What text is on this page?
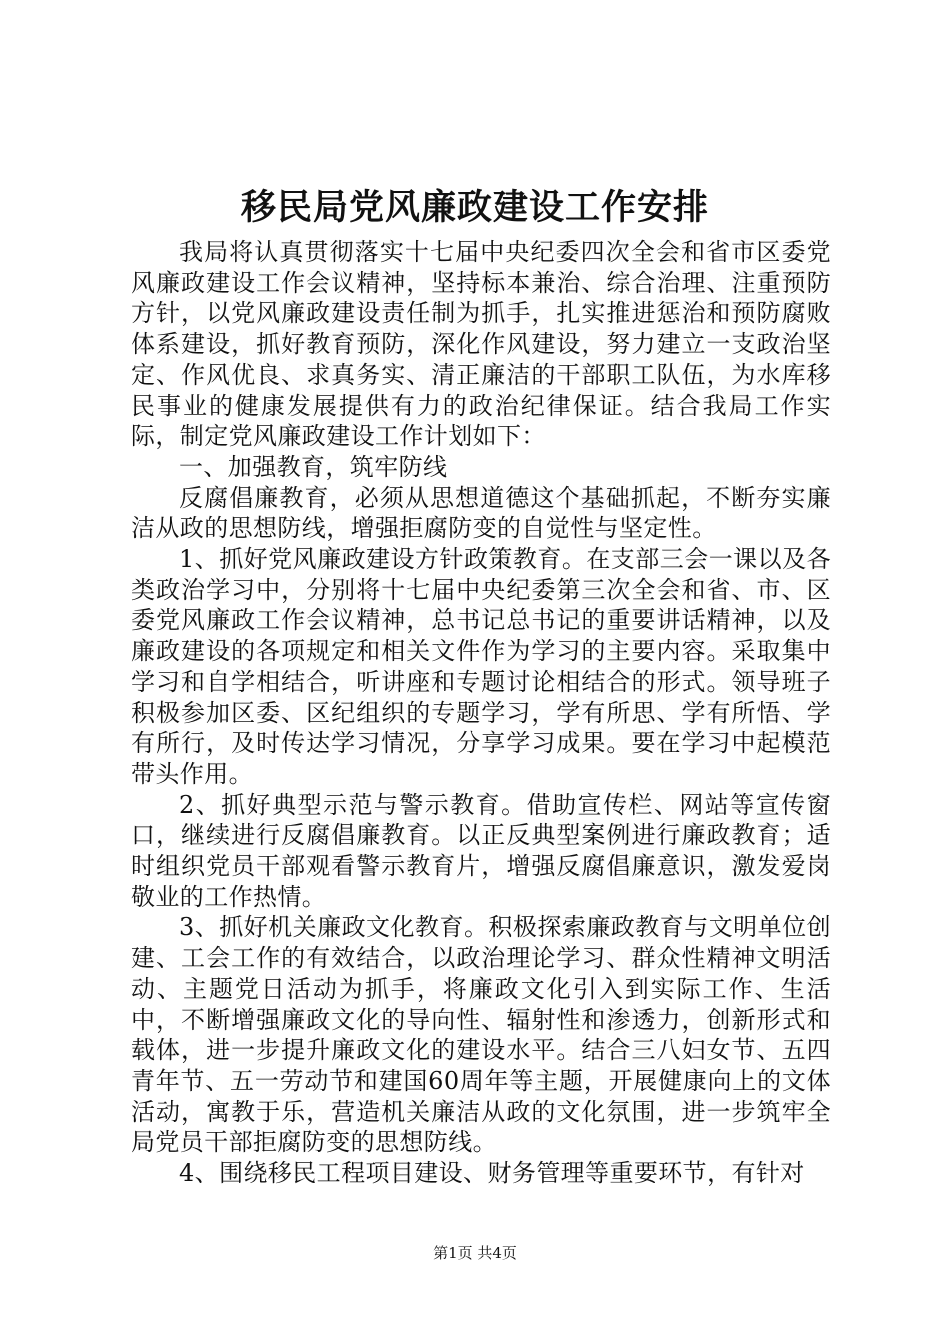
移民局党风廉政建设工作安排

我局将认真贯彻落实十七届中央纪委四次全会和省市区委党风廉政建设工作会议精神，坚持标本兼治、综合治理、注重预防方针，以党风廉政建设责任制为抓手，扎实推进惩治和预防腐败体系建设，抓好教育预防，深化作风建设，努力建立一支政治坚定、作风优良、求真务实、清正廉洁的干部职工队伍，为水库移民事业的健康发展提供有力的政治纪律保证。结合我局工作实际，制定党风廉政建设工作计划如下：

一、加强教育，筑牢防线

反腐倡廉教育，必须从思想道德这个基础抓起，不断夯实廉洁从政的思想防线，增强拒腐防变的自觉性与坚定性。

1、抓好党风廉政建设方针政策教育。在支部三会一课以及各类政治学习中，分别将十七届中央纪委第三次全会和省、市、区委党风廉政工作会议精神，总书记总书记的重要讲话精神，以及廉政建设的各项规定和相关文件作为学习的主要内容。采取集中学习和自学相结合，听讲座和专题讨论相结合的形式。领导班子积极参加区委、区纪组织的专题学习，学有所思、学有所悟、学有所行，及时传达学习情况，分享学习成果。要在学习中起模范带头作用。

2、抓好典型示范与警示教育。借助宣传栏、网站等宣传窗口，继续进行反腐倡廉教育。以正反典型案例进行廉政教育；适时组织党员干部观看警示教育片，增强反腐倡廉意识，激发爱岗敬业的工作热情。

3、抓好机关廉政文化教育。积极探索廉政教育与文明单位创建、工会工作的有效结合，以政治理论学习、群众性精神文明活动、主题党日活动为抓手，将廉政文化引入到实际工作、生活中，不断增强廉政文化的导向性、辐射性和渗透力，创新形式和载体，进一步提升廉政文化的建设水平。结合三八妇女节、五四青年节、五一劳动节和建国60周年等主题，开展健康向上的文体活动，寓教于乐，营造机关廉洁从政的文化氛围，进一步筑牢全局党员干部拒腐防变的思想防线。

4、围绕移民工程项目建设、财务管理等重要环节，有针对

第1页 共4页
